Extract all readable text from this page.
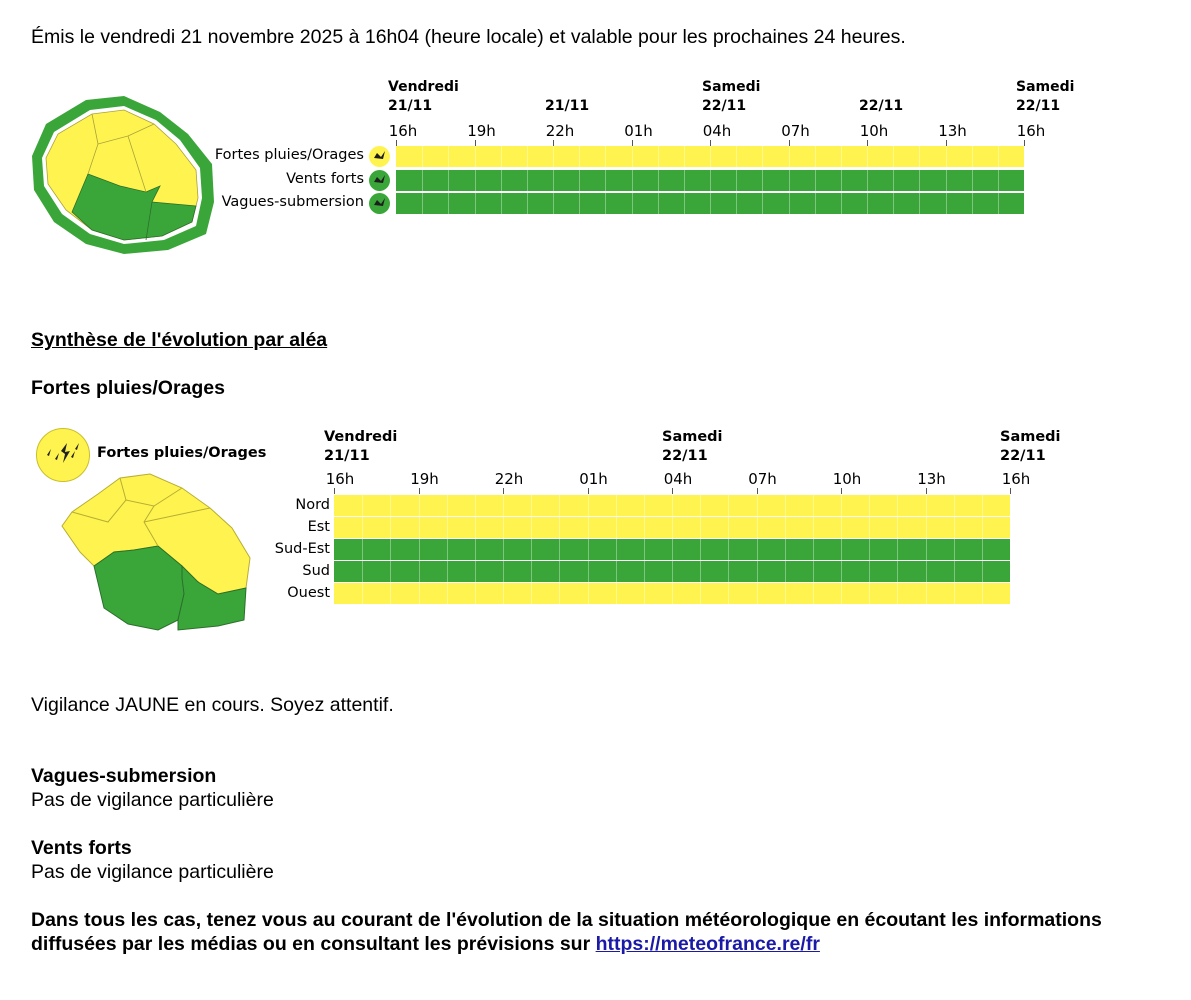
Émis le vendredi 21 novembre 2025 à 16h04 (heure locale) et valable pour les prochaines 24 heures.
Synthèse de l'évolution par aléa
Fortes pluies/Orages
Fortes pluies/Orages
Vigilance JAUNE en cours. Soyez attentif.
Vagues-submersion
Pas de vigilance particulière
Vents forts
Pas de vigilance particulière
Dans tous les cas, tenez vous au courant de l'évolution de la situation météorologique en écoutant les informations diffusées par les médias ou en consultant les prévisions sur https://meteofrance.re/fr
Vendredi
21/11	21/11
Samedi
22/11	22/11
Samedi
22/11
16h	19h	22h	01h	04h	07h	10h	13h	16h
Fortes pluies/Orages
Vents forts
Vagues-submersion
Vendredi
21/11
Samedi
22/11
Samedi
22/11
16h	19h	22h	01h	04h	07h	10h	13h	16h
Nord
Est
Sud-Est
Sud
Ouest
